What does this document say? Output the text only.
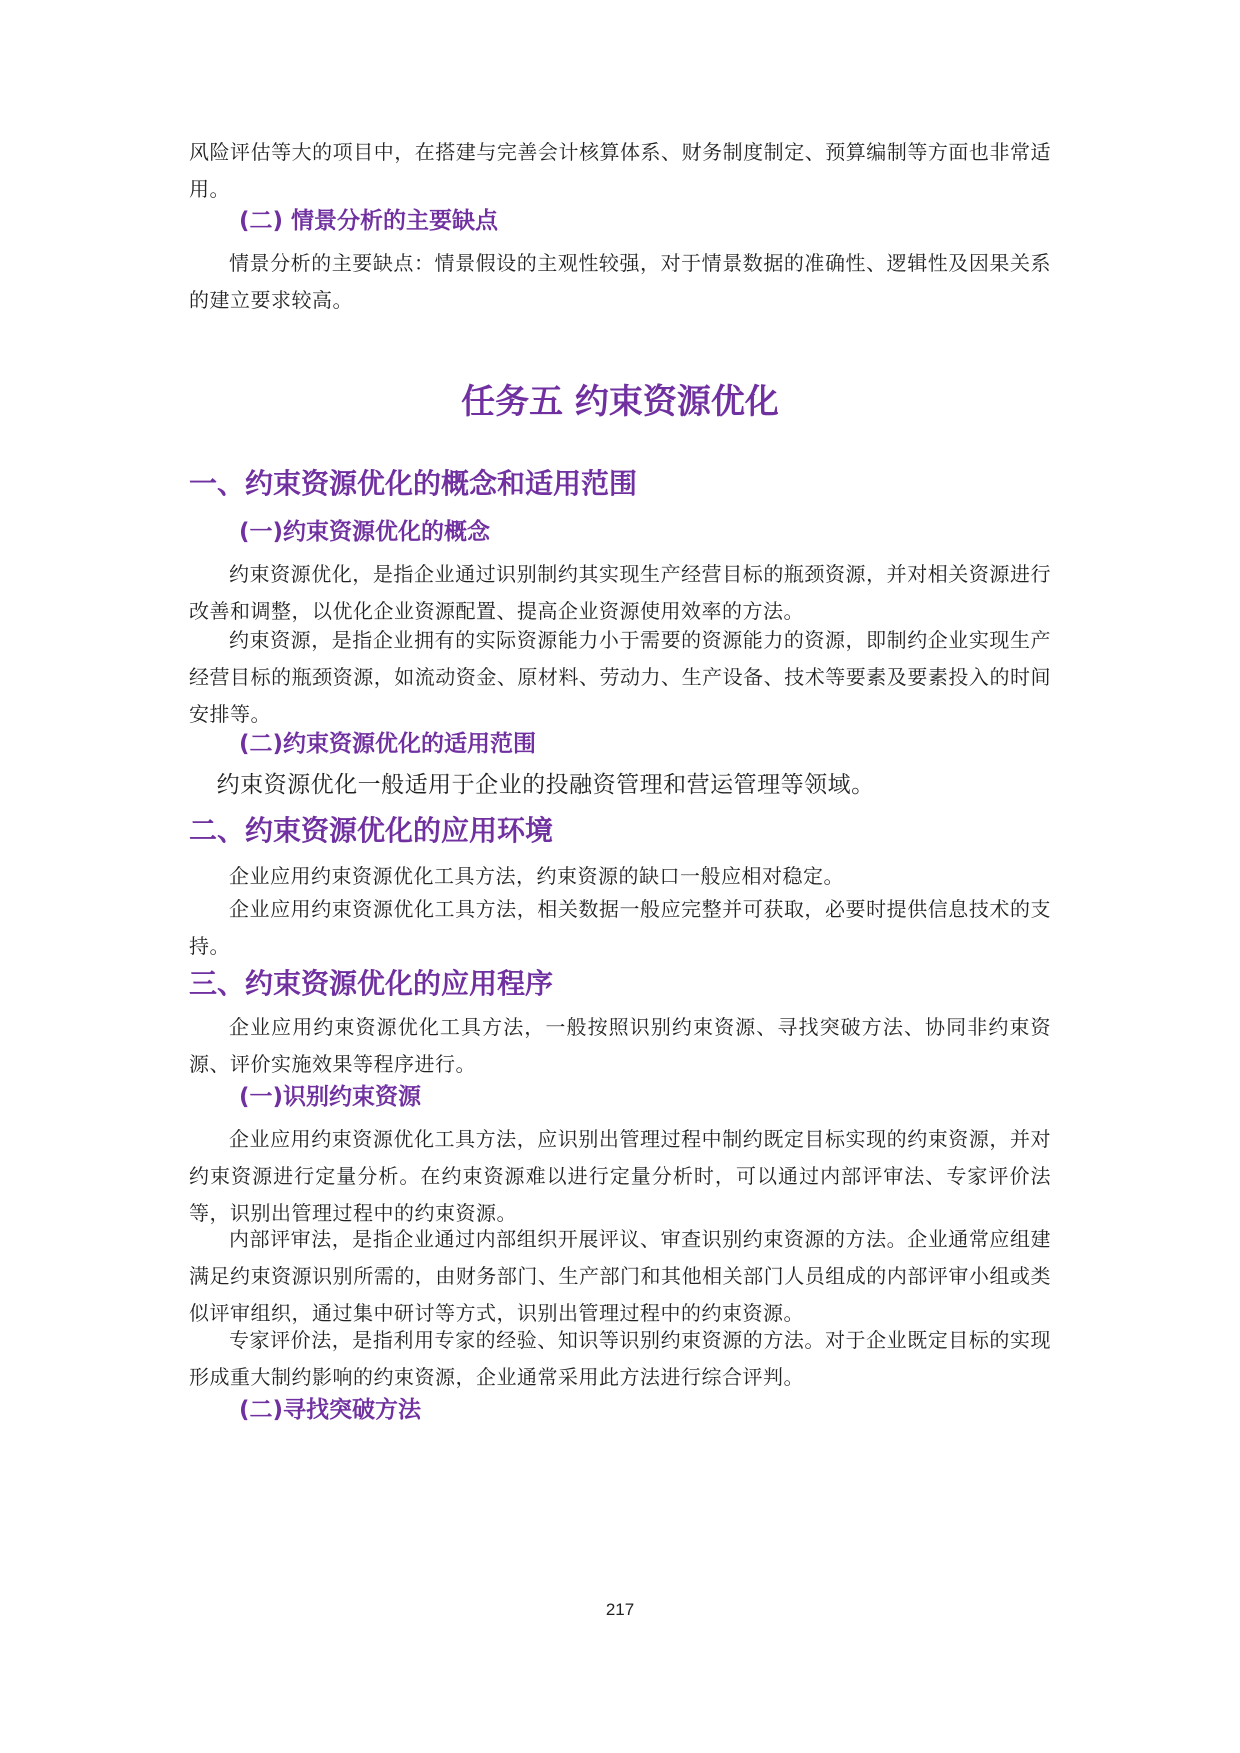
风险评估等大的项目中，在搭建与完善会计核算体系、财务制度制定、预算编制等方面也非常适用。

(二) 情景分析的主要缺点

情景分析的主要缺点：情景假设的主观性较强，对于情景数据的准确性、逻辑性及因果关系的建立要求较高。

任务五 约束资源优化
一、约束资源优化的概念和适用范围
(一)约束资源优化的概念

约束资源优化，是指企业通过识别制约其实现生产经营目标的瓶颈资源，并对相关资源进行改善和调整，以优化企业资源配置、提高企业资源使用效率的方法。

约束资源，是指企业拥有的实际资源能力小于需要的资源能力的资源，即制约企业实现生产经营目标的瓶颈资源，如流动资金、原材料、劳动力、生产设备、技术等要素及要素投入的时间安排等。

(二)约束资源优化的适用范围

约束资源优化一般适用于企业的投融资管理和营运管理等领域。

二、约束资源优化的应用环境

企业应用约束资源优化工具方法，约束资源的缺口一般应相对稳定。

企业应用约束资源优化工具方法，相关数据一般应完整并可获取，必要时提供信息技术的支持。

三、约束资源优化的应用程序

企业应用约束资源优化工具方法，一般按照识别约束资源、寻找突破方法、协同非约束资源、评价实施效果等程序进行。

(一)识别约束资源

企业应用约束资源优化工具方法，应识别出管理过程中制约既定目标实现的约束资源，并对约束资源进行定量分析。在约束资源难以进行定量分析时，可以通过内部评审法、专家评价法等，识别出管理过程中的约束资源。

内部评审法，是指企业通过内部组织开展评议、审查识别约束资源的方法。企业通常应组建满足约束资源识别所需的，由财务部门、生产部门和其他相关部门人员组成的内部评审小组或类似评审组织，通过集中研讨等方式，识别出管理过程中的约束资源。

专家评价法，是指利用专家的经验、知识等识别约束资源的方法。对于企业既定目标的实现形成重大制约影响的约束资源，企业通常采用此方法进行综合评判。

(二)寻找突破方法
217
